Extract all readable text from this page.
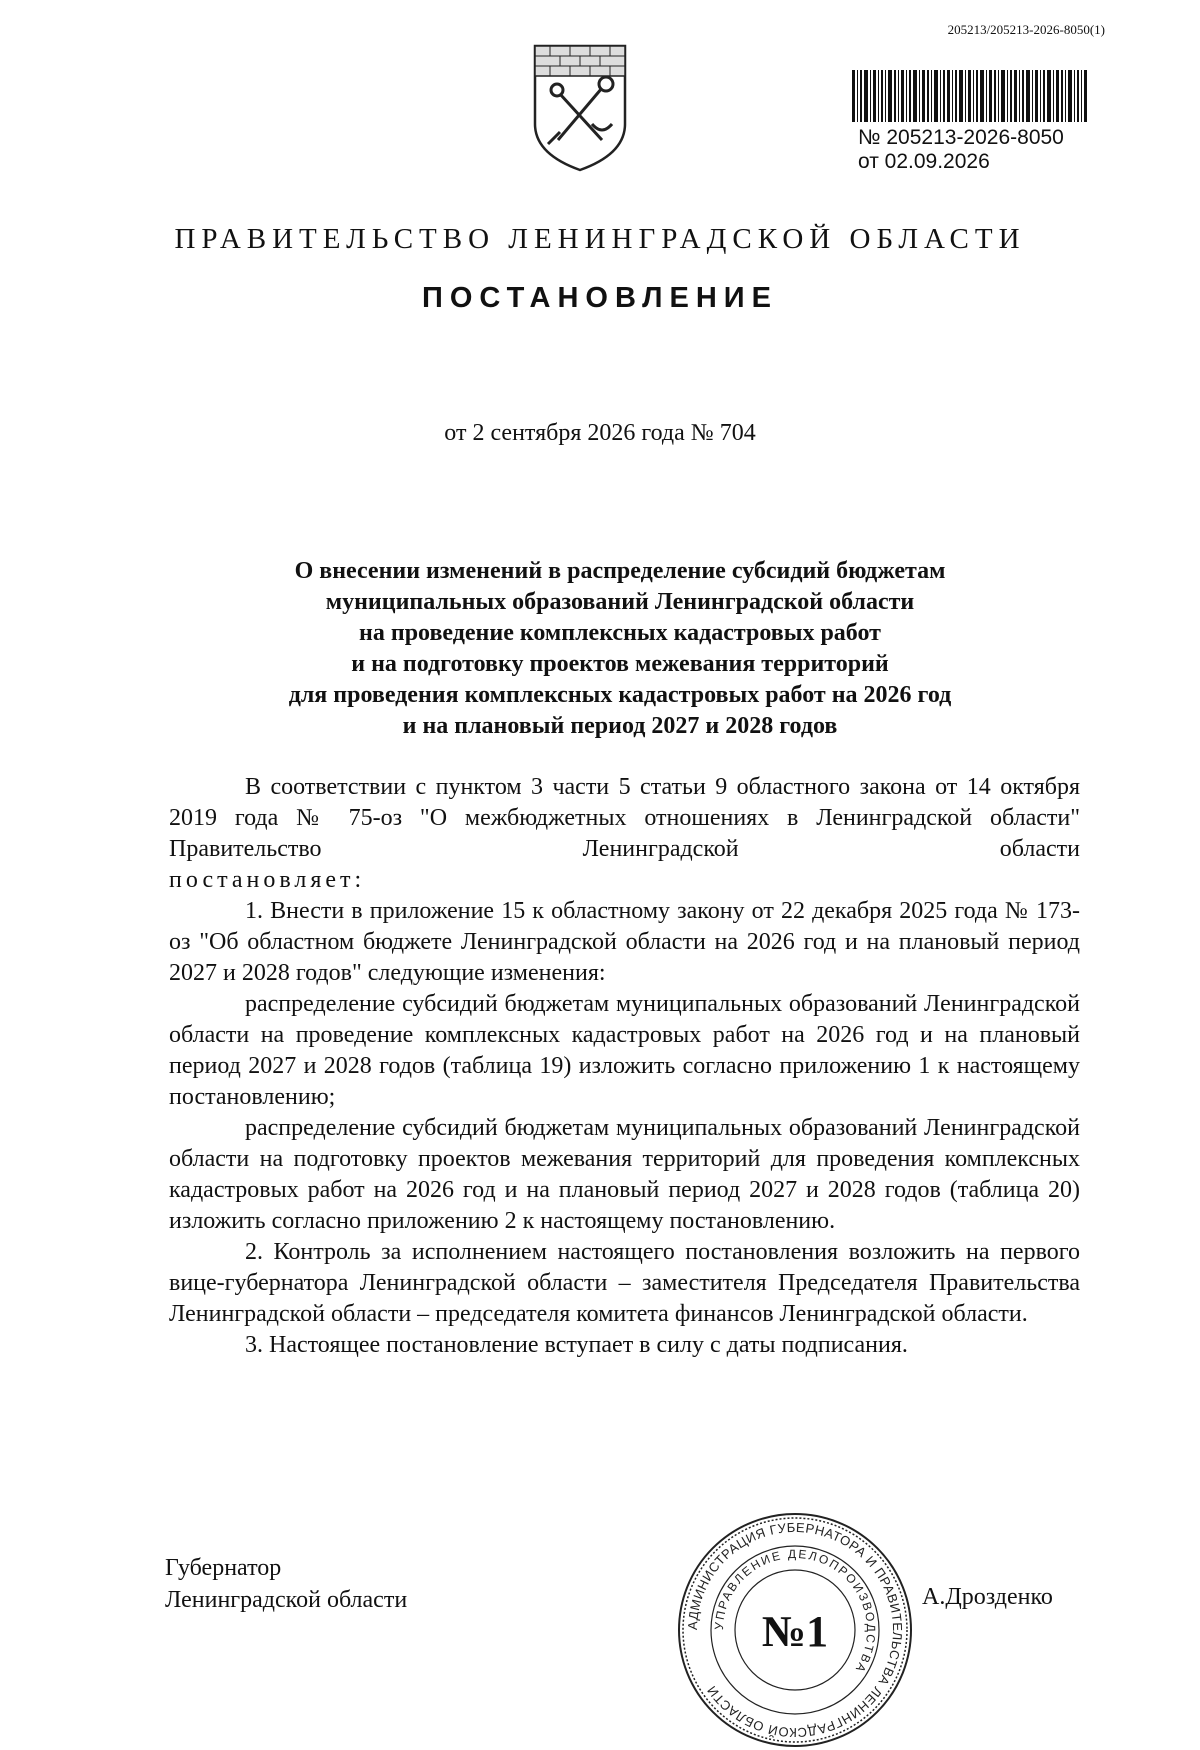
205213/205213-2026-8050(1)
№ 205213-2026-8050
от 02.09.2026
ПРАВИТЕЛЬСТВО ЛЕНИНГРАДСКОЙ ОБЛАСТИ
ПОСТАНОВЛЕНИЕ
от 2 сентября 2026 года № 704
О внесении изменений в распределение субсидий бюджетам
муниципальных образований Ленинградской области
на проведение комплексных кадастровых работ
и на подготовку проектов межевания территорий
для проведения комплексных кадастровых работ на 2026 год
и на плановый период 2027 и 2028 годов

В соответствии с пунктом 3 части 5 статьи 9 областного закона от 14 октября 2019 года № 75-оз "О межбюджетных отношениях в Ленинградской области" Правительство Ленинградской области

постановляет:

1. Внести в приложение 15 к областному закону от 22 декабря 2025 года № 173-оз "Об областном бюджете Ленинградской области на 2026 год и на плановый период 2027 и 2028 годов" следующие изменения:

распределение субсидий бюджетам муниципальных образований Ленинградской области на проведение комплексных кадастровых работ на 2026 год и на плановый период 2027 и 2028 годов (таблица 19) изложить согласно приложению 1 к настоящему постановлению;

распределение субсидий бюджетам муниципальных образований Ленинградской области на подготовку проектов межевания территорий для проведения комплексных кадастровых работ на 2026 год и на плановый период 2027 и 2028 годов (таблица 20) изложить согласно приложению 2 к настоящему постановлению.

2. Контроль за исполнением настоящего постановления возложить на первого вице-губернатора Ленинградской области – заместителя Председателя Правительства Ленинградской области – председателя комитета финансов Ленинградской области.

3. Настоящее постановление вступает в силу с даты подписания.

Губернатор
Ленинградской области	А.Дрозденко
АДМИНИСТРАЦИЯ ГУБЕРНАТОРА И ПРАВИТЕЛЬСТВА ЛЕНИНГРАДСКОЙ ОБЛАСТИ
УПРАВЛЕНИЕ ДЕЛОПРОИЗВОДСТВА
№1
